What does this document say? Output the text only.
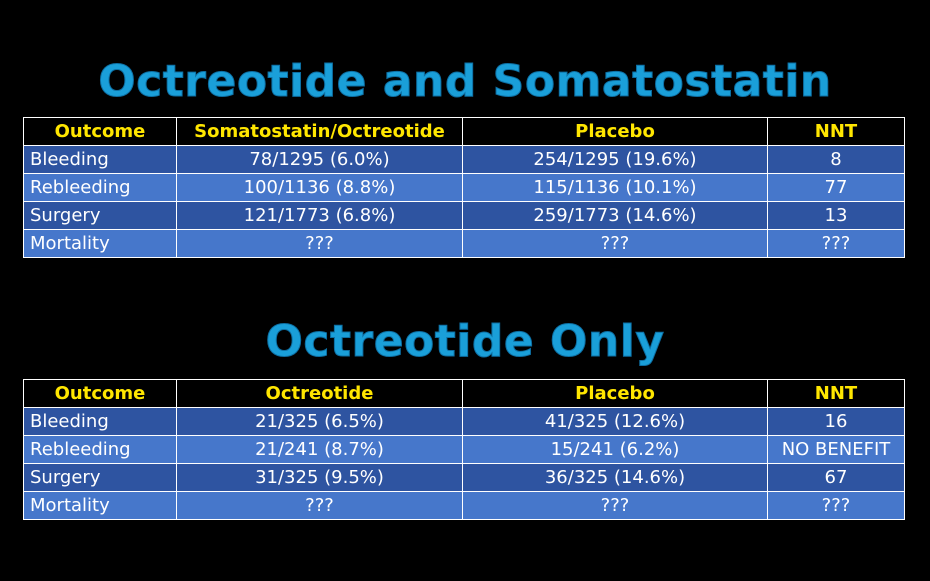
Octreotide and Somatostatin
Outcome	Somatostatin/Octreotide	Placebo	NNT
Bleeding	78/1295 (6.0%)	254/1295 (19.6%)	8
Rebleeding	100/1136 (8.8%)	115/1136 (10.1%)	77
Surgery	121/1773 (6.8%)	259/1773 (14.6%)	13
Mortality	???	???	???
Octreotide Only
Outcome	Octreotide	Placebo	NNT
Bleeding	21/325 (6.5%)	41/325 (12.6%)	16
Rebleeding	21/241 (8.7%)	15/241 (6.2%)	NO BENEFIT
Surgery	31/325 (9.5%)	36/325 (14.6%)	67
Mortality	???	???	???
